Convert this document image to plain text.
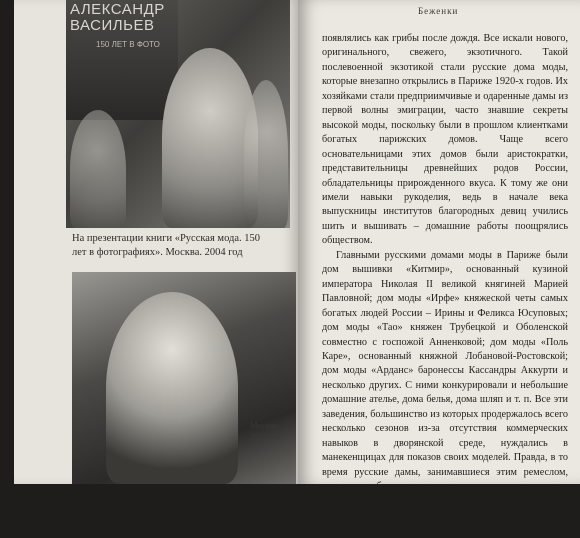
АЛЕКСАНДР
ВАСИЛЬЕВ
150 ЛЕТ В ФОТО
На презентации книги «Русская мода. 150 лет в фотографиях». Москва. 2004 год
Москва. 2003 год
Беженки

появлялись как грибы после дождя. Все искали нового, оригинального, свежего, экзотичного. Такой послевоенной экзотикой стали русские дома моды, которые внезапно открылись в Париже 1920-х годов. Их хозяйками стали предприимчивые и одаренные дамы из первой волны эмиграции, часто знавшие секреты высокой моды, поскольку были в прошлом клиентками богатых парижских домов. Чаще всего основательницами этих домов были аристократки, представительницы древнейших родов России, обладательницы прирожденного вкуса. К тому же они имели навыки рукоделия, ведь в начале века выпускницы институтов благородных девиц учились шить и вышивать – домашние работы поощрялись обществом.

Главными русскими домами моды в Париже были дом вышивки «Китмир», основанный кузиной императора Николая II великой княгиней Марией Павловной; дом моды «Ирфе» княжеской четы самых богатых людей России – Ирины и Феликса Юсуповых; дом моды «Тао» княжен Трубецкой и Оболенской совместно с госпожой Анненковой; дом моды «Поль Каре», основанный княжной Лобановой-Ростовской; дом моды «Арданс» баронессы Кассандры Аккурти и несколько других. С ними конкурировали и небольшие домашние ателье, дома белья, дома шляп и т. п. Все эти заведения, большинство из которых продержалось всего несколько сезонов из-за отсутствия коммерческих навыков в дворянской среде, нуждались в манекенщицах для показов своих моделей. Правда, в то время русские дамы, занимавшиеся этим ремеслом, называли себя «манекенами»; а слово «манекенщица» было придумано и прижилось в Советском Союзе. Бывало часто так: мама шила для какого-то русского, а часто и французского, дома, а дочь показывала модели.
